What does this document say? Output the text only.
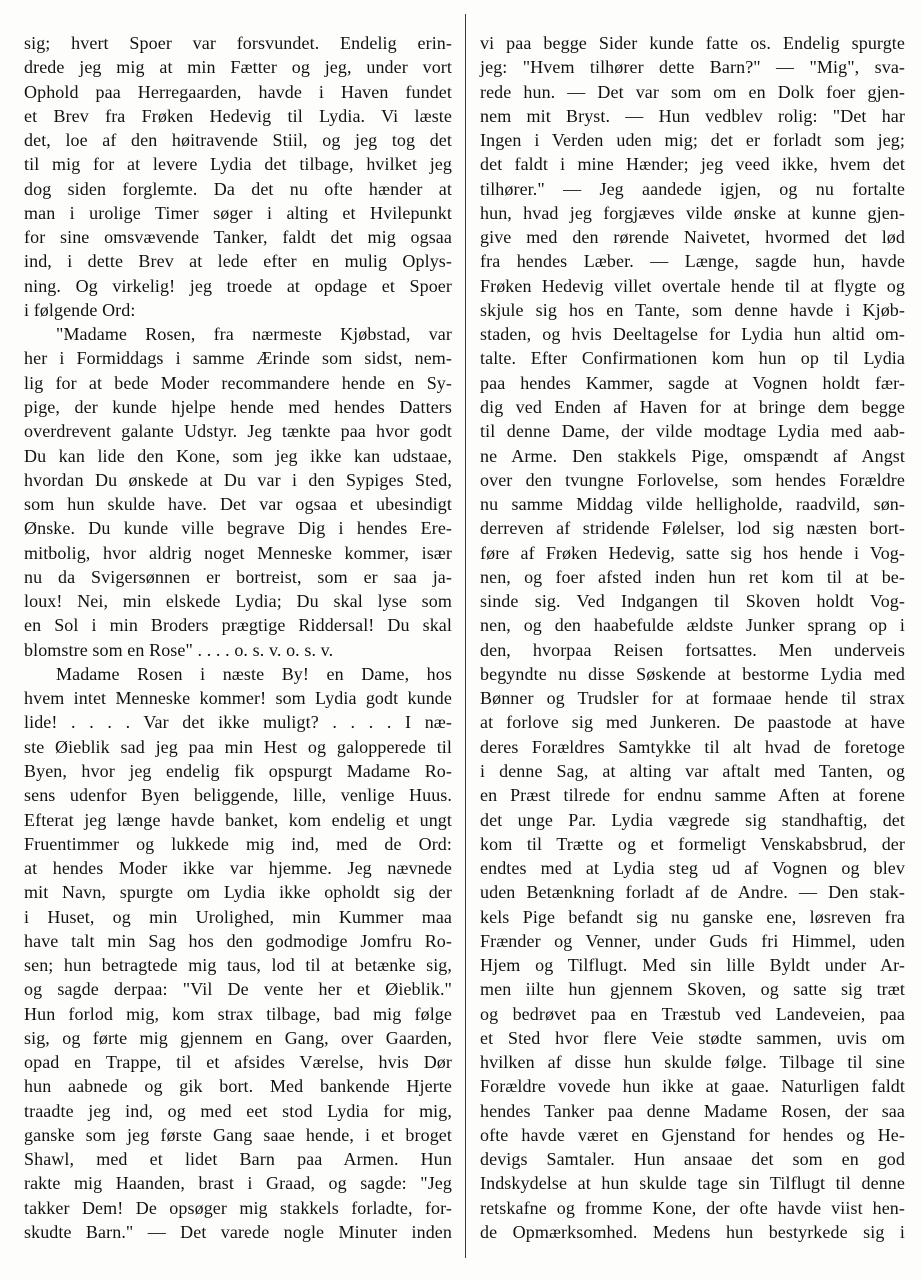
sig; hvert Spoer var forsvundet. Endelig erin-
drede jeg mig at min Fætter og jeg, under vort
Ophold paa Herregaarden, havde i Haven fundet
et Brev fra Frøken Hedevig til Lydia. Vi læste
det, loe af den høitravende Stiil, og jeg tog det
til mig for at levere Lydia det tilbage, hvilket jeg
dog siden forglemte. Da det nu ofte hænder at
man i urolige Timer søger i alting et Hvilepunkt
for sine omsvævende Tanker, faldt det mig ogsaa
ind, i dette Brev at lede efter en mulig Oplys-
ning. Og virkelig! jeg troede at opdage et Spoer
i følgende Ord:
"Madame Rosen, fra nærmeste Kjøbstad, var
her i Formiddags i samme Ærinde som sidst, nem-
lig for at bede Moder recommandere hende en Sy-
pige, der kunde hjelpe hende med hendes Datters
overdrevent galante Udstyr. Jeg tænkte paa hvor godt
Du kan lide den Kone, som jeg ikke kan udstaae,
hvordan Du ønskede at Du var i den Sypiges Sted,
som hun skulde have. Det var ogsaa et ubesindigt
Ønske. Du kunde ville begrave Dig i hendes Ere-
mitbolig, hvor aldrig noget Menneske kommer, især
nu da Svigersønnen er bortreist, som er saa ja-
loux! Nei, min elskede Lydia; Du skal lyse som
en Sol i min Broders prægtige Riddersal! Du skal
blomstre som en Rose" . . . . o. s. v. o. s. v.
Madame Rosen i næste By! en Dame, hos
hvem intet Menneske kommer! som Lydia godt kunde
lide! . . . . Var det ikke muligt? . . . . I næ-
ste Øieblik sad jeg paa min Hest og galopperede til
Byen, hvor jeg endelig fik opspurgt Madame Ro-
sens udenfor Byen beliggende, lille, venlige Huus.
Efterat jeg længe havde banket, kom endelig et ungt
Fruentimmer og lukkede mig ind, med de Ord:
at hendes Moder ikke var hjemme. Jeg nævnede
mit Navn, spurgte om Lydia ikke opholdt sig der
i Huset, og min Urolighed, min Kummer maa
have talt min Sag hos den godmodige Jomfru Ro-
sen; hun betragtede mig taus, lod til at betænke sig,
og sagde derpaa: "Vil De vente her et Øieblik."
Hun forlod mig, kom strax tilbage, bad mig følge
sig, og førte mig gjennem en Gang, over Gaarden,
opad en Trappe, til et afsides Værelse, hvis Dør
hun aabnede og gik bort. Med bankende Hjerte
traadte jeg ind, og med eet stod Lydia for mig,
ganske som jeg første Gang saae hende, i et broget
Shawl, med et lidet Barn paa Armen. Hun
rakte mig Haanden, brast i Graad, og sagde: "Jeg
takker Dem! De opsøger mig stakkels forladte, for-
skudte Barn." — Det varede nogle Minuter inden
vi paa begge Sider kunde fatte os. Endelig spurgte
jeg: "Hvem tilhører dette Barn?" — "Mig", sva-
rede hun. — Det var som om en Dolk foer gjen-
nem mit Bryst. — Hun vedblev rolig: "Det har
Ingen i Verden uden mig; det er forladt som jeg;
det faldt i mine Hænder; jeg veed ikke, hvem det
tilhører." — Jeg aandede igjen, og nu fortalte
hun, hvad jeg forgjæves vilde ønske at kunne gjen-
give med den rørende Naivetet, hvormed det lød
fra hendes Læber. — Længe, sagde hun, havde
Frøken Hedevig villet overtale hende til at flygte og
skjule sig hos en Tante, som denne havde i Kjøb-
staden, og hvis Deeltagelse for Lydia hun altid om-
talte. Efter Confirmationen kom hun op til Lydia
paa hendes Kammer, sagde at Vognen holdt fær-
dig ved Enden af Haven for at bringe dem begge
til denne Dame, der vilde modtage Lydia med aab-
ne Arme. Den stakkels Pige, omspændt af Angst
over den tvungne Forlovelse, som hendes Forældre
nu samme Middag vilde helligholde, raadvild, søn-
derreven af stridende Følelser, lod sig næsten bort-
føre af Frøken Hedevig, satte sig hos hende i Vog-
nen, og foer afsted inden hun ret kom til at be-
sinde sig. Ved Indgangen til Skoven holdt Vog-
nen, og den haabefulde ældste Junker sprang op i
den, hvorpaa Reisen fortsattes. Men underveis
begyndte nu disse Søskende at bestorme Lydia med
Bønner og Trudsler for at formaae hende til strax
at forlove sig med Junkeren. De paastode at have
deres Forældres Samtykke til alt hvad de foretoge
i denne Sag, at alting var aftalt med Tanten, og
en Præst tilrede for endnu samme Aften at forene
det unge Par. Lydia vægrede sig standhaftig, det
kom til Trætte og et formeligt Venskabsbrud, der
endtes med at Lydia steg ud af Vognen og blev
uden Betænkning forladt af de Andre. — Den stak-
kels Pige befandt sig nu ganske ene, løsreven fra
Frænder og Venner, under Guds fri Himmel, uden
Hjem og Tilflugt. Med sin lille Byldt under Ar-
men iilte hun gjennem Skoven, og satte sig træt
og bedrøvet paa en Træstub ved Landeveien, paa
et Sted hvor flere Veie stødte sammen, uvis om
hvilken af disse hun skulde følge. Tilbage til sine
Forældre vovede hun ikke at gaae. Naturligen faldt
hendes Tanker paa denne Madame Rosen, der saa
ofte havde været en Gjenstand for hendes og He-
devigs Samtaler. Hun ansaae det som en god
Indskydelse at hun skulde tage sin Tilflugt til denne
retskafne og fromme Kone, der ofte havde viist hen-
de Opmærksomhed. Medens hun bestyrkede sig i
